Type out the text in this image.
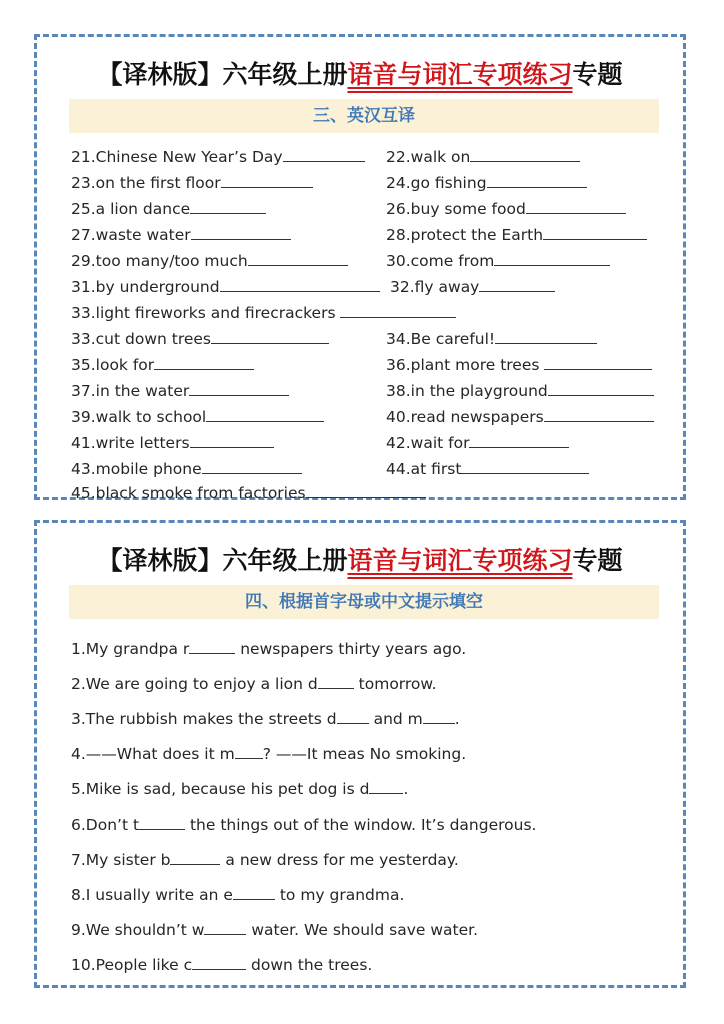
【译林版】六年级上册语音与词汇专项练习专题
三、英汉互译
21.Chinese New Year’s Day	22.walk on
23.on the first floor	24.go fishing
25.a lion dance	26.buy some food
27.waste water	28.protect the Earth
29.too many/too much	30.come from
31.by underground	32.fly away
33.light fireworks and firecrackers
33.cut down trees	34.Be careful!
35.look for	36.plant more trees
37.in the water	38.in the playground
39.walk to school	40.read newspapers
41.write letters	42.wait for
43.mobile phone	44.at first
45.black smoke from factories
【译林版】六年级上册语音与词汇专项练习专题
四、根据首字母或中文提示填空
1.My grandpa r	newspapers thirty years ago.
2.We are going to enjoy a lion d tomorrow.
3.The rubbish makes the streets d and m .
4.——What does it m ? ——It meas No smoking.
5.Mike is sad, because his pet dog is d .
6.Don’t t	the things out of the window. It’s dangerous.
7.My sister b	a new dress for me yesterday.
8.I usually write an e	to my grandma.
9.We shouldn’t w	water. We should save water.
10.People like c	down the trees.
